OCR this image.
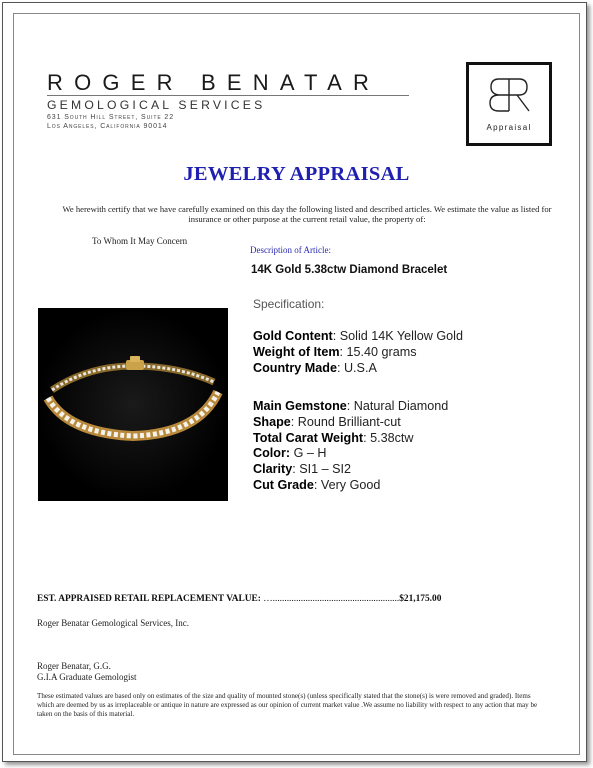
ROGER BENATAR
GEMOLOGICAL SERVICES
631 South Hill Street, Suite 22
Los Angeles, California 90014	Appraisal
JEWELRY APPRAISAL
We herewith certify that we have carefully examined on this day the following listed and described articles. We estimate the value as listed for insurance or other purpose at the current retail value, the property of:
To Whom It May Concern
Description of Article:
14K Gold 5.38ctw Diamond Bracelet
Specification:
Gold Content: Solid 14K Yellow Gold
Weight of Item: 15.40 grams
Country Made: U.S.A
Main Gemstone: Natural Diamond
Shape: Round Brilliant-cut
Total Carat Weight: 5.38ctw
Color: G – H
Clarity: SI1 – SI2
Cut Grade: Very Good
EST. APPRAISED RETAIL REPLACEMENT VALUE: …......................................................$21,175.00
Roger Benatar Gemological Services, Inc.
Roger Benatar, G.G.
G.I.A Graduate Gemologist
These estimated values are based only on estimates of the size and quality of mounted stone(s) (unless specifically stated that the stone(s) is were removed and graded). Items which are deemed by us as irreplaceable or antique in nature are expressed as our opinion of current market value .We assume no liability with respect to any action that may be taken on the basis of this material.
